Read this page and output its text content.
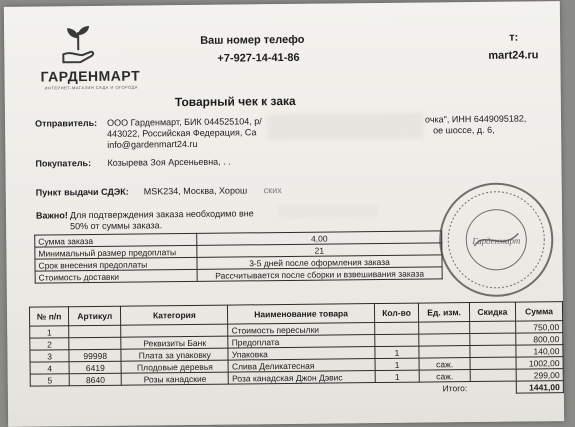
ГАРДЕНМАРТ
ИНТЕРНЕТ-МАГАЗИН САДА И ОГОРОДА
Ваш номер телефо
+7-927-14-41-86
т:
mart24.ru
Товарный чек к зака
Отправитель: ООО Гарденмарт, БИК 044525104, р/	очка", ИНН 6449095182,
443022, Российская Федерация, Са	ое шоссе, д. 6,
info@gardenmart24.ru
Покупатель: Козырева Зоя Арсеньевна, . .
Пункт выдачи СДЭК: MSK234, Москва, Хорош ских
Важно! Для подтверждения заказа необходимо вне
50% от суммы заказа.
Сумма заказа	4,00
Минимальный размер предоплаты	21
Срок внесения предоплаты	3-5 дней после оформления заказа
Стоимость доставки	Рассчитывается после сборки и взвешивания заказа
№ п/п	Артикул	Категория	Наименование товара	Кол-во	Ед. изм.	Скидка	Сумма
1			Стоимость пересылки				750,00
2		Реквизиты Банк	Предоплата				800,00
3	99998	Плата за упаковку	Упаковка	1			140,00
4	6419	Плодовые деревья	Слива Деликатесная	1	саж.		1002,00
5	8640	Розы канадские	Роза канадская Джон Дэвис	1	саж.		299,00
Итого:							1441,00
Гарденмарт
